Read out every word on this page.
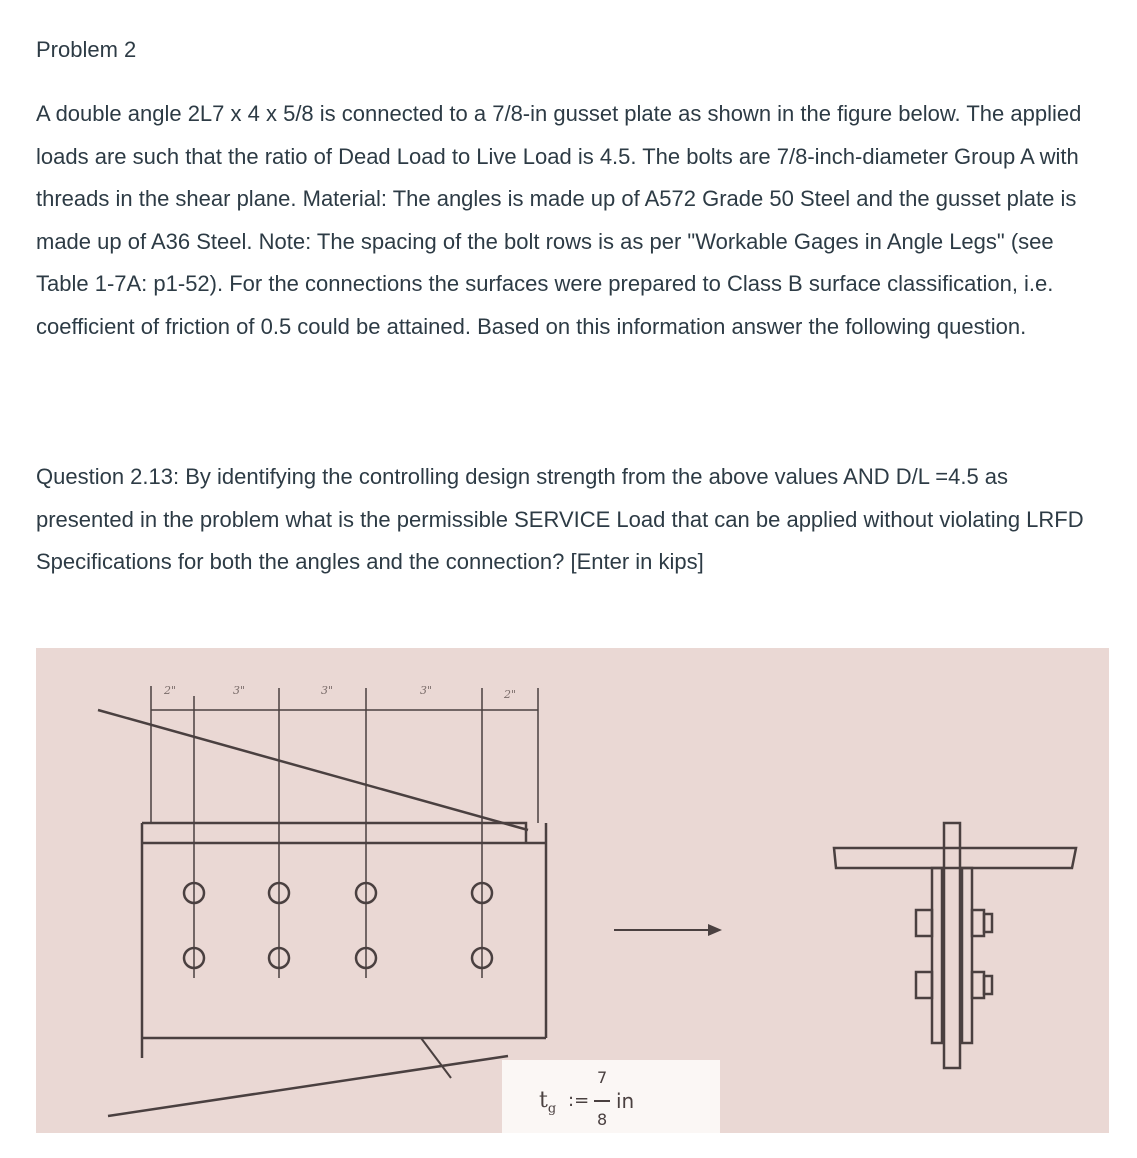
Problem 2
A double angle 2L7 x 4 x 5/8 is connected to a 7/8-in gusset plate as shown in the figure below. The applied loads are such that the ratio of Dead Load to Live Load is 4.5. The bolts are 7/8-inch-diameter Group A with threads in the shear plane. Material: The angles is made up of A572 Grade 50 Steel and the gusset plate is made up of A36 Steel. Note: The spacing of the bolt rows is as per "Workable Gages in Angle Legs" (see Table 1-7A: p1-52). For the connections the surfaces were prepared to Class B surface classification, i.e. coefficient of friction of 0.5 could be attained. Based on this information answer the following question.
Question 2.13: By identifying the controlling design strength from the above values AND D/L =4.5 as presented in the problem what is the permissible SERVICE Load that can be applied without violating LRFD Specifications for both the angles and the connection? [Enter in kips]
2"	3"	3"	3"	2"
$t_g$ :=
7
8
in
